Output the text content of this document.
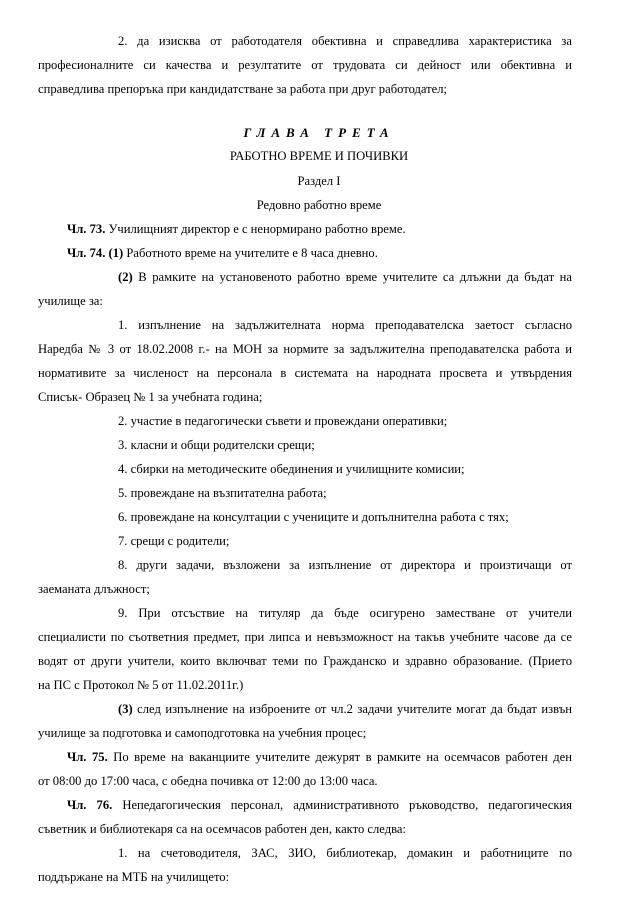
2. да изисква от работодателя обективна и справедлива характеристика за
професионалните си качества и резултатите от трудовата си дейност или обективна и
справедлива препоръка при кандидатстване за работа при друг работодател;
ГЛАВА ТРЕТА
РАБОТНО ВРЕМЕ И ПОЧИВКИ
Раздел I
Редовно работно време
Чл. 73. Училищният директор е с ненормирано работно време.
Чл. 74. (1) Работното време на учителите е 8 часа дневно.
(2) В рамките на установеното работно време учителите са длъжни да бъдат на
училище за:
1. изпълнение на задължителната норма преподавателска заетост съгласно
Наредба № 3 от 18.02.2008 г.- на МОН за нормите за задължителна преподавателска работа и
нормативите за численост на персонала в системата на народната просвета и утвърдения
Списък- Образец № 1 за учебната година;
2. участие в педагогически съвети и провеждани оперативки;
3. класни и общи родителски срещи;
4. сбирки на методическите обединения и училищните комисии;
5. провеждане на възпитателна работа;
6. провеждане на консултации с учениците и допълнителна работа с тях;
7. срещи с родители;
8. други задачи, възложени за изпълнение от директора и произтичащи от
заеманата длъжност;
9. При отсъствие на титуляр да бъде осигурено заместване от учители
специалисти по съответния предмет, при липса и невъзможност на такъв учебните часове да се
водят от други учители, които включват теми по Гражданско и здравно образование. (Прието
на ПС с Протокол № 5 от 11.02.2011г.)
(3) след изпълнение на изброените от чл.2 задачи учителите могат да бъдат извън
училище за подготовка и самоподготовка на учебния процес;
Чл. 75. По време на ваканциите учителите дежурят в рамките на осемчасов работен ден
от 08:00 до 17:00 часа, с обедна почивка от 12:00 до 13:00 часа.
Чл. 76. Непедагогическия персонал, административното ръководство, педагогическия
съветник и библиотекаря са на осемчасов работен ден, както следва:
1. на счетоводителя, ЗАС, ЗИО, библиотекар, домакин и работниците по
поддържане на МТБ на училището:
